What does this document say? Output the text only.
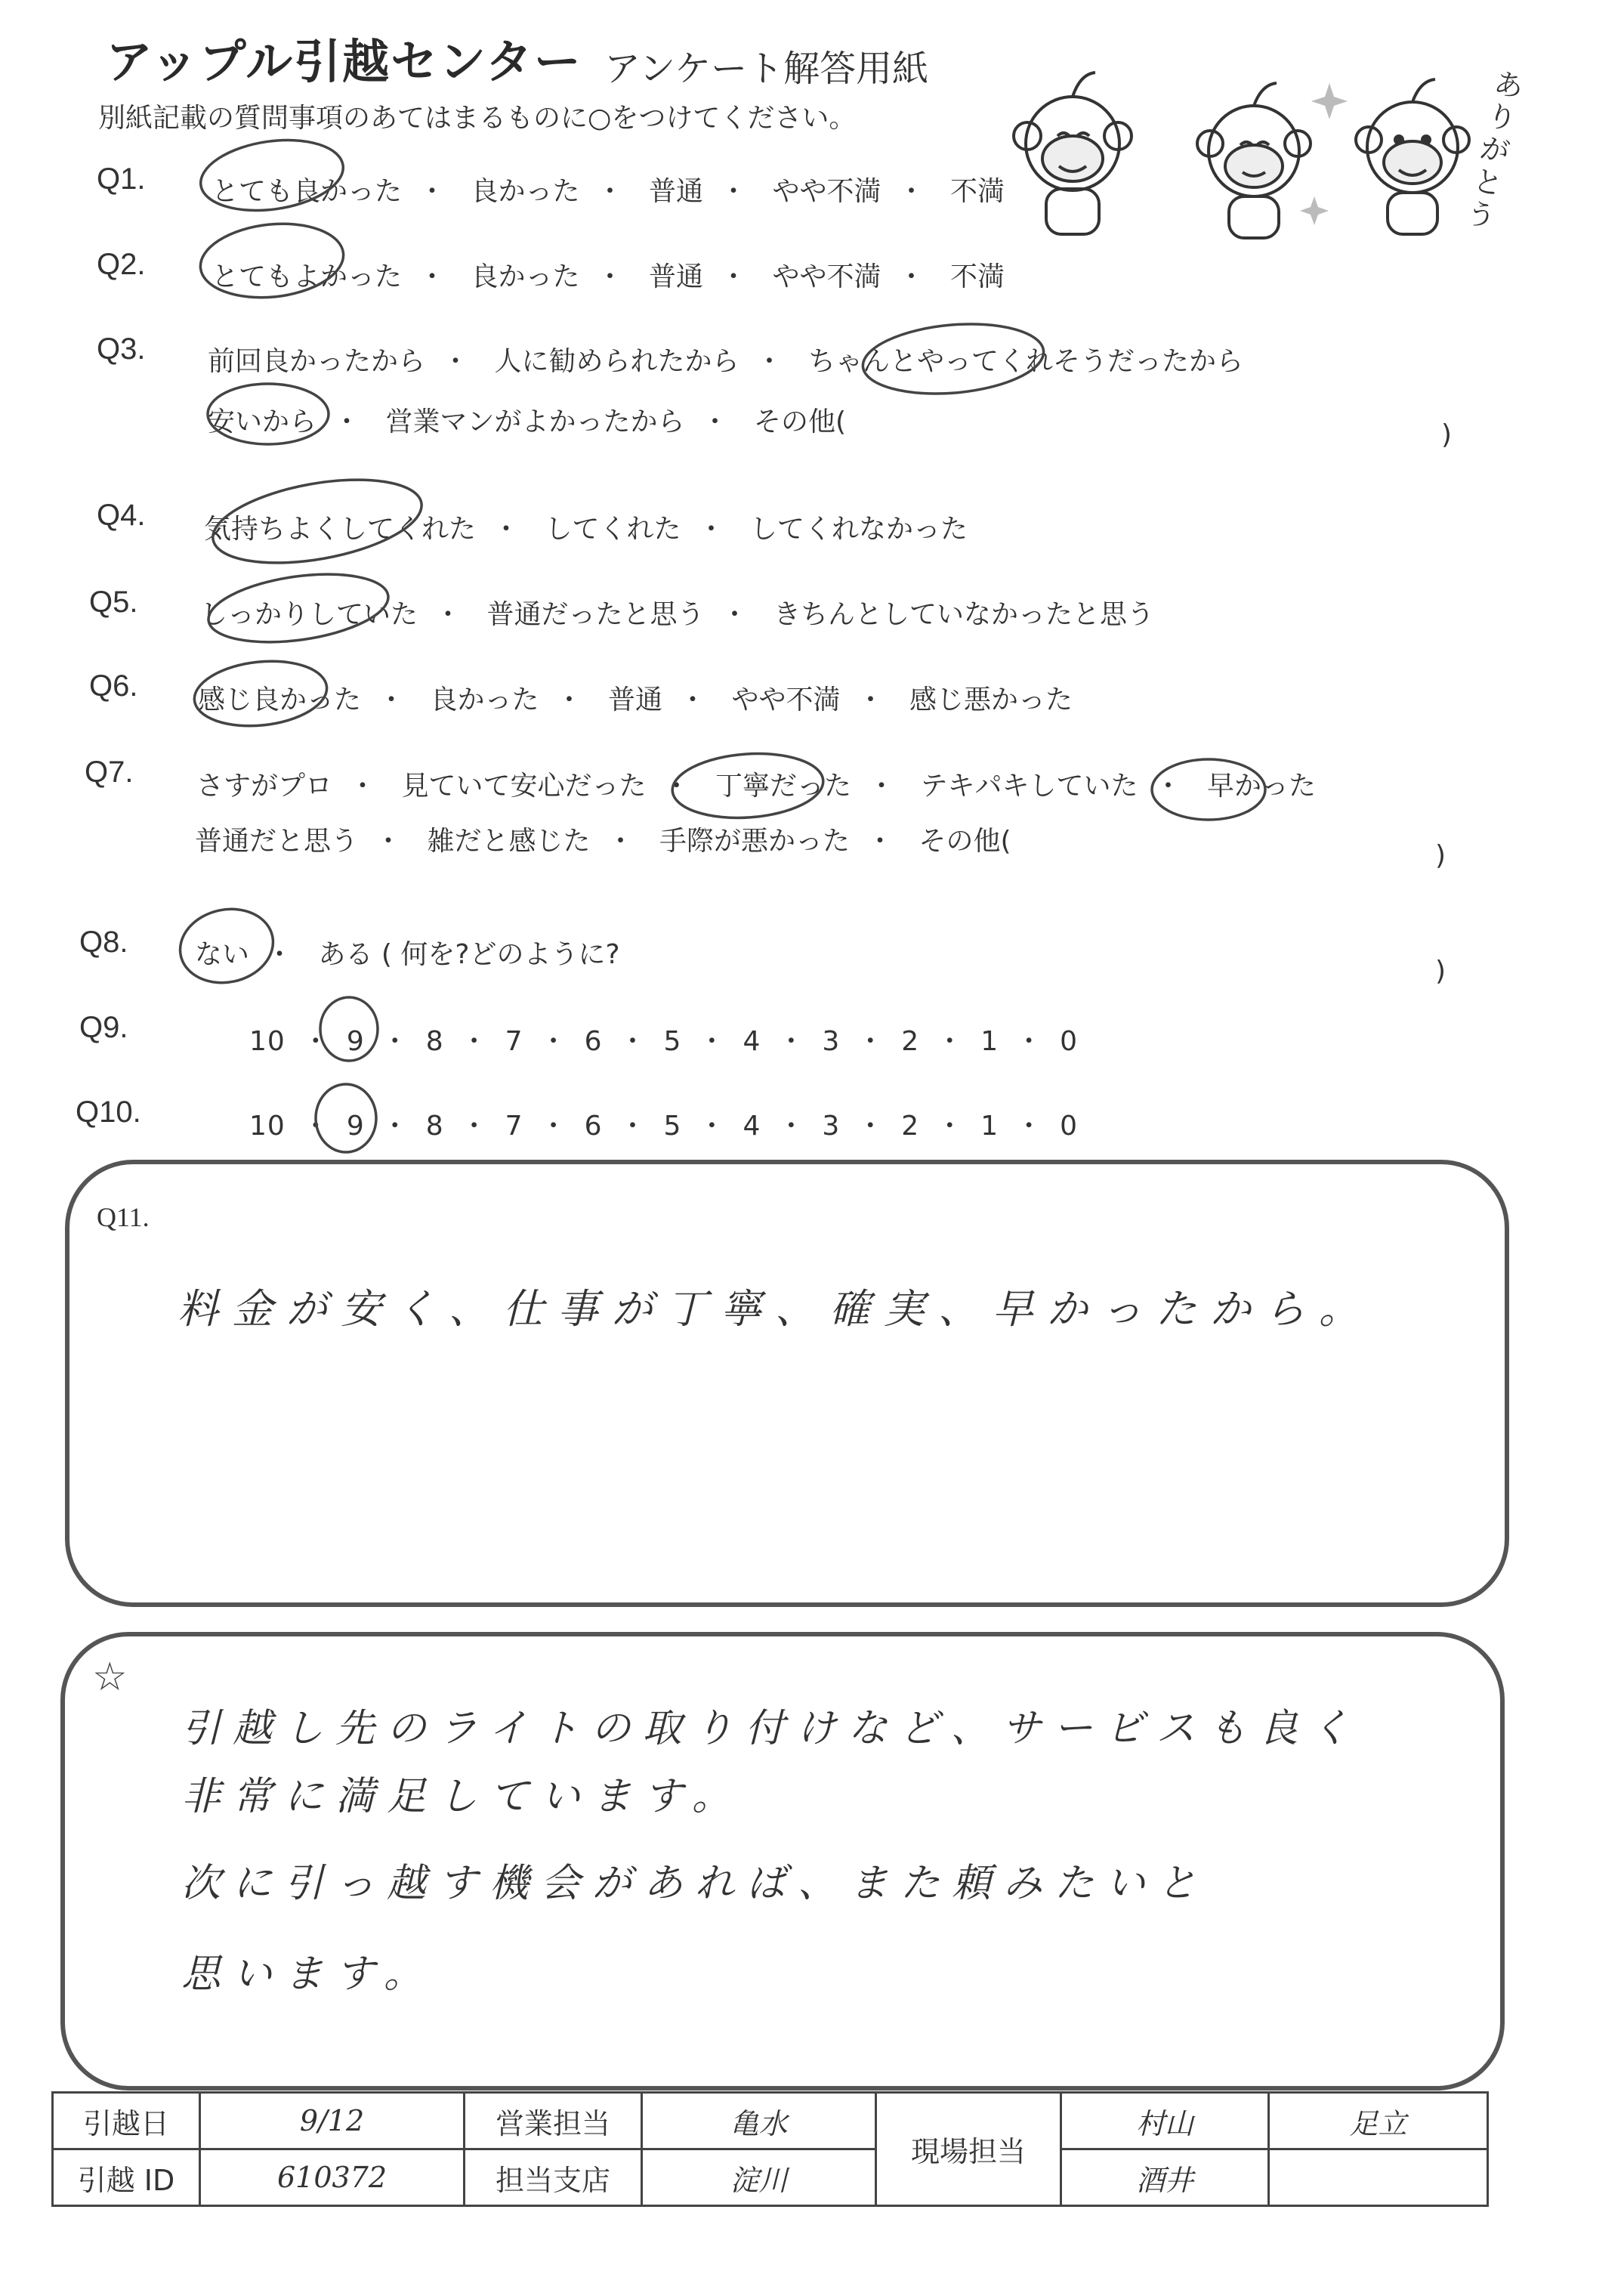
アップル引越センター アンケート解答用紙
別紙記載の質問事項のあてはまるものに○をつけてください。
ありがとう
Q1. とても良かった ・ 良かった ・ 普通 ・ やや不満 ・ 不満
Q2. とてもよかった ・ 良かった ・ 普通 ・ やや不満 ・ 不満
Q3. 前回良かったから ・ 人に勧められたから ・ ちゃんとやってくれそうだったから
安いから ・ 営業マンがよかったから ・ その他(	)
Q4. 気持ちよくしてくれた ・ してくれた ・ してくれなかった
Q5. しっかりしていた ・ 普通だったと思う ・ きちんとしていなかったと思う
Q6. 感じ良かった ・ 良かった ・ 普通 ・ やや不満 ・ 感じ悪かった
Q7. さすがプロ ・ 見ていて安心だった ・ 丁寧だった ・ テキパキしていた ・ 早かった
普通だと思う ・ 雑だと感じた ・ 手際が悪かった ・ その他(	)
Q8. ない ・ ある ( 何を?どのように?
)
Q9.	10 ・ 9 ・ 8 ・ 7 ・ 6 ・ 5 ・ 4 ・ 3 ・ 2 ・ 1 ・ 0
Q10.	10 ・ 9 ・ 8 ・ 7 ・ 6 ・ 5 ・ 4 ・ 3 ・ 2 ・ 1 ・ 0
Q11.
料金が安く、仕事が丁寧、確実、早かったから。
☆
引越し先のライトの取り付けなど、サービスも良く
非常に満足しています。
次に引っ越す機会があれば、また頼みたいと
思います。
引越日	9/12	営業担当	亀水	現場担当	村山	足立
引越 ID	610372	担当支店	淀川		酒井	
